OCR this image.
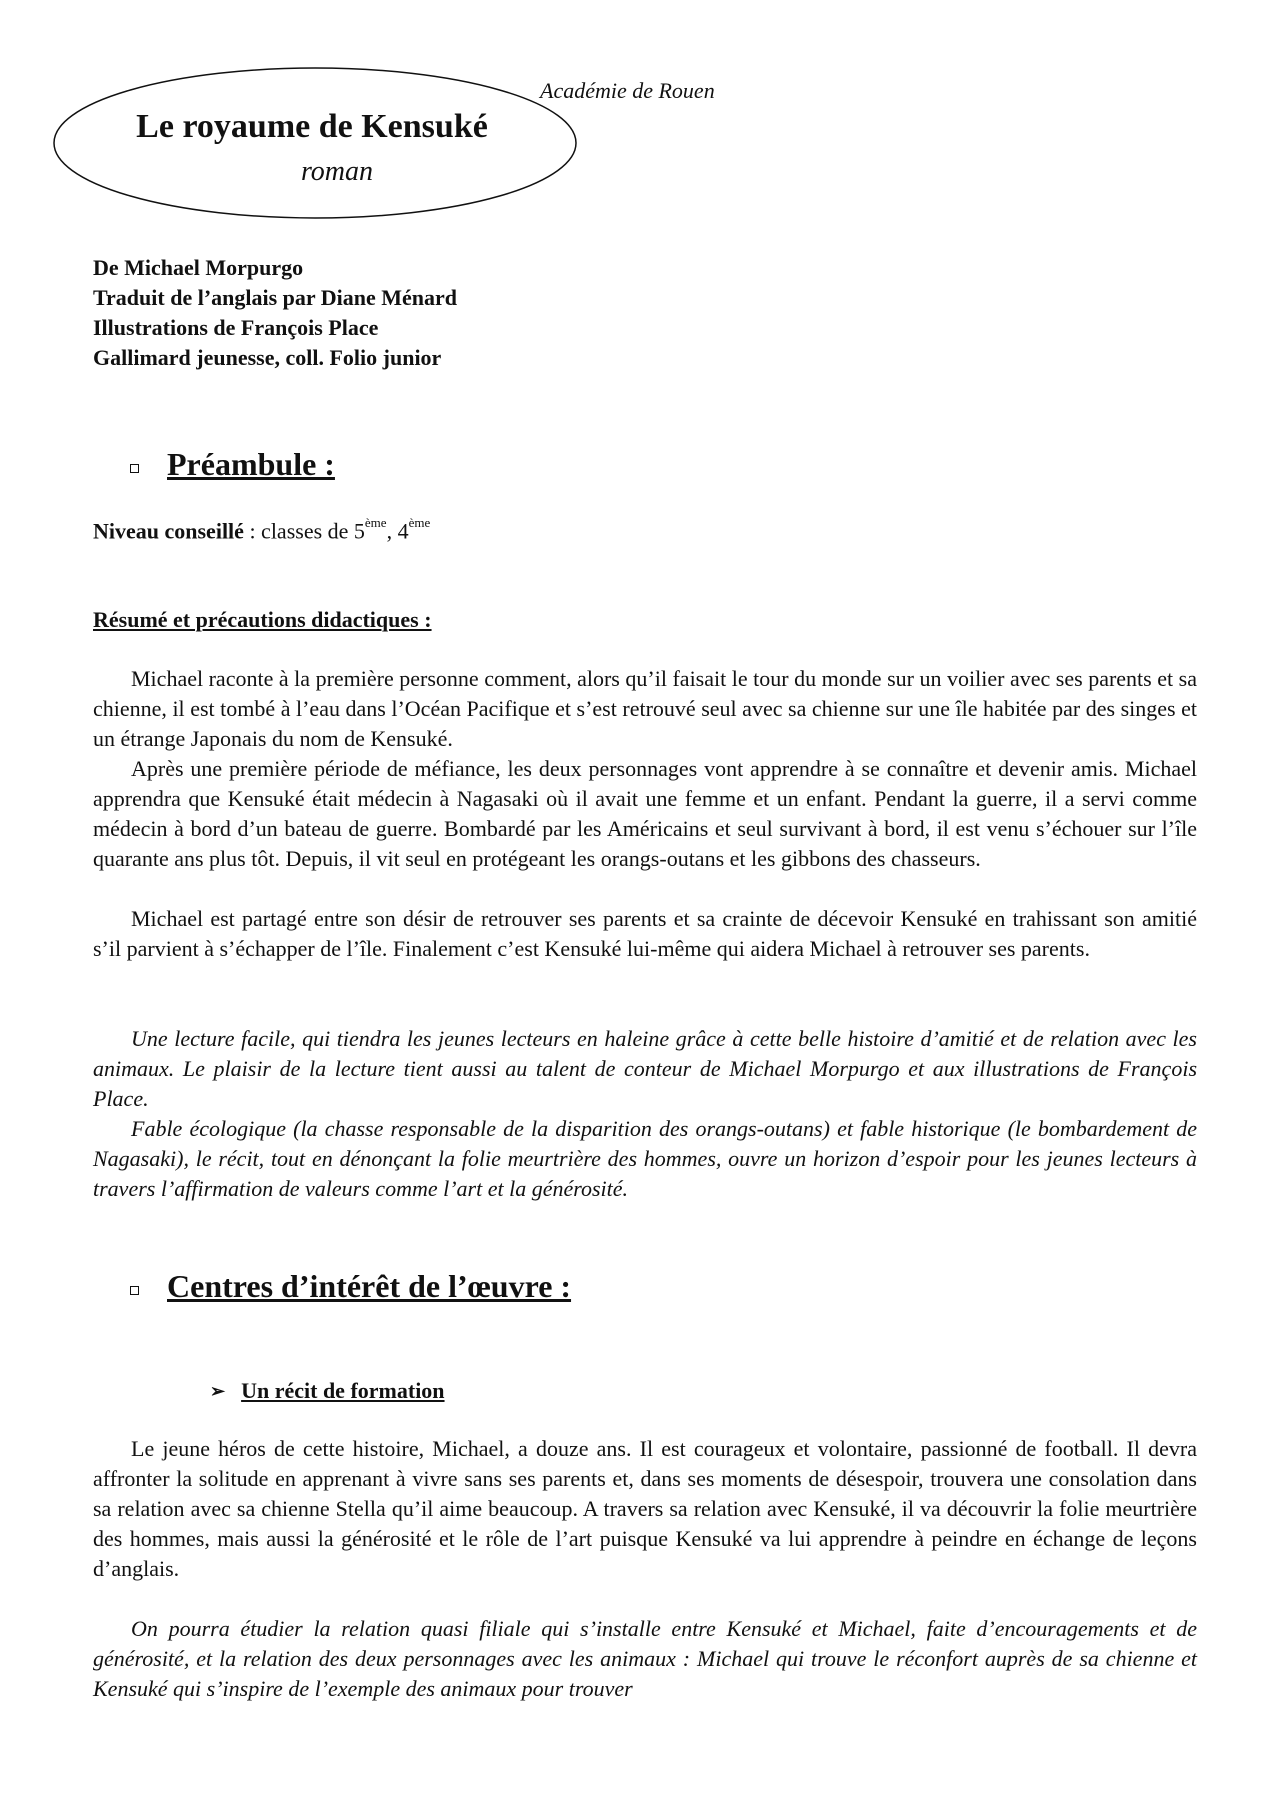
Académie de Rouen
Le royaume de Kensuké
roman
De Michael Morpurgo
Traduit de l’anglais par Diane Ménard
Illustrations de François Place
Gallimard jeunesse, coll. Folio junior
Préambule :
Niveau conseillé : classes de 5ème, 4ème
Résumé et précautions didactiques :

Michael raconte à la première personne comment, alors qu’il faisait le tour du monde sur un voilier avec ses parents et sa chienne, il est tombé à l’eau dans l’Océan Pacifique et s’est retrouvé seul avec sa chienne sur une île habitée par des singes et un étrange Japonais du nom de Kensuké.

Après une première période de méfiance, les deux personnages vont apprendre à se connaître et devenir amis. Michael apprendra que Kensuké était médecin à Nagasaki où il avait une femme et un enfant. Pendant la guerre, il a servi comme médecin à bord d’un bateau de guerre. Bombardé par les Américains et seul survivant à bord, il est venu s’échouer sur l’île quarante ans plus tôt. Depuis, il vit seul en protégeant les orangs-outans et les gibbons des chasseurs.

Michael est partagé entre son désir de retrouver ses parents et sa crainte de décevoir Kensuké en trahissant son amitié s’il parvient à s’échapper de l’île. Finalement c’est Kensuké lui-même qui aidera Michael à retrouver ses parents.

Une lecture facile, qui tiendra les jeunes lecteurs en haleine grâce à cette belle histoire d’amitié et de relation avec les animaux. Le plaisir de la lecture tient aussi au talent de conteur de Michael Morpurgo et aux illustrations de François Place.

Fable écologique (la chasse responsable de la disparition des orangs-outans) et fable historique (le bombardement de Nagasaki), le récit, tout en dénonçant la folie meurtrière des hommes, ouvre un horizon d’espoir pour les jeunes lecteurs à travers l’affirmation de valeurs comme l’art et la générosité.

Centres d’intérêt de l’œuvre :
➢ Un récit de formation

Le jeune héros de cette histoire, Michael, a douze ans. Il est courageux et volontaire, passionné de football. Il devra affronter la solitude en apprenant à vivre sans ses parents et, dans ses moments de désespoir, trouvera une consolation dans sa relation avec sa chienne Stella qu’il aime beaucoup. A travers sa relation avec Kensuké, il va découvrir la folie meurtrière des hommes, mais aussi la générosité et le rôle de l’art puisque Kensuké va lui apprendre à peindre en échange de leçons d’anglais.

On pourra étudier la relation quasi filiale qui s’installe entre Kensuké et Michael, faite d’encouragements et de générosité, et la relation des deux personnages avec les animaux : Michael qui trouve le réconfort auprès de sa chienne et Kensuké qui s’inspire de l’exemple des animaux pour trouver
